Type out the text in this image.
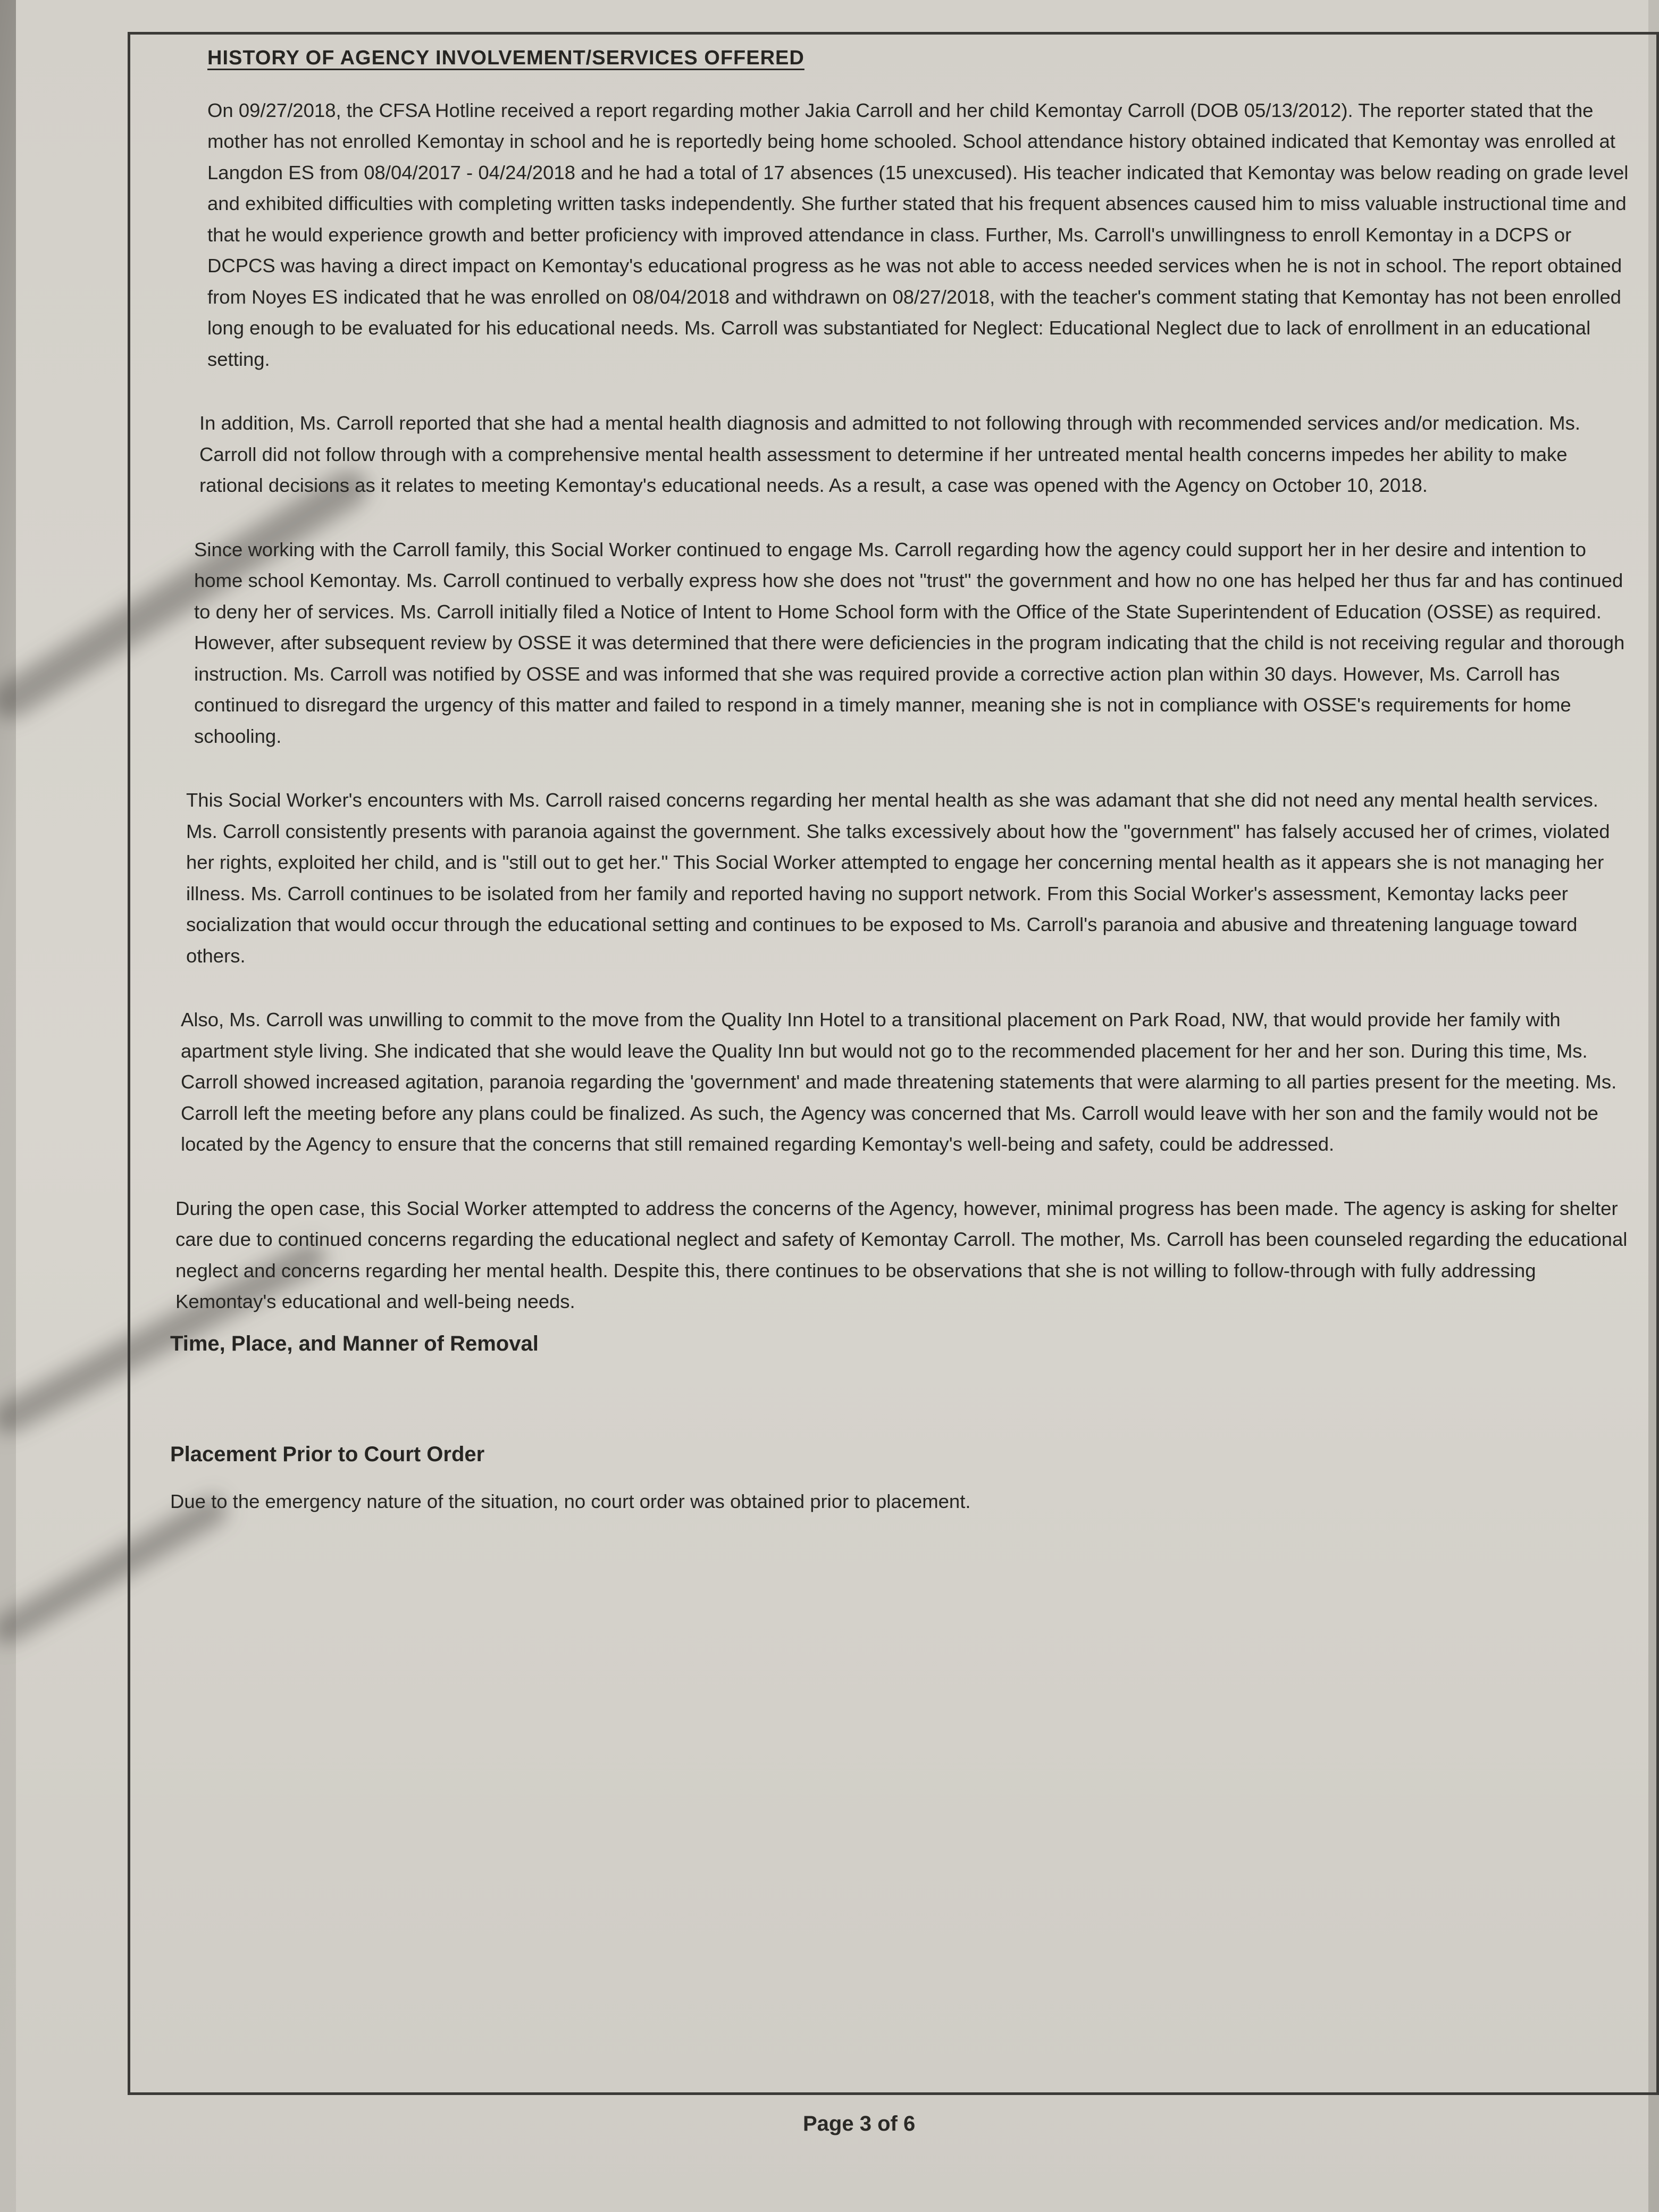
HISTORY OF AGENCY INVOLVEMENT/SERVICES OFFERED

On 09/27/2018, the CFSA Hotline received a report regarding mother Jakia Carroll and her child Kemontay Carroll (DOB 05/13/2012). The reporter stated that the mother has not enrolled Kemontay in school and he is reportedly being home schooled. School attendance history obtained indicated that Kemontay was enrolled at Langdon ES from 08/04/2017 - 04/24/2018 and he had a total of 17 absences (15 unexcused). His teacher indicated that Kemontay was below reading on grade level and exhibited difficulties with completing written tasks independently. She further stated that his frequent absences caused him to miss valuable instructional time and that he would experience growth and better proficiency with improved attendance in class. Further, Ms. Carroll's unwillingness to enroll Kemontay in a DCPS or DCPCS was having a direct impact on Kemontay's educational progress as he was not able to access needed services when he is not in school. The report obtained from Noyes ES indicated that he was enrolled on 08/04/2018 and withdrawn on 08/27/2018, with the teacher's comment stating that Kemontay has not been enrolled long enough to be evaluated for his educational needs. Ms. Carroll was substantiated for Neglect: Educational Neglect due to lack of enrollment in an educational setting.

In addition, Ms. Carroll reported that she had a mental health diagnosis and admitted to not following through with recommended services and/or medication. Ms. Carroll did not follow through with a comprehensive mental health assessment to determine if her untreated mental health concerns impedes her ability to make rational decisions as it relates to meeting Kemontay's educational needs. As a result, a case was opened with the Agency on October 10, 2018.

Since working with the Carroll family, this Social Worker continued to engage Ms. Carroll regarding how the agency could support her in her desire and intention to home school Kemontay. Ms. Carroll continued to verbally express how she does not "trust" the government and how no one has helped her thus far and has continued to deny her of services. Ms. Carroll initially filed a Notice of Intent to Home School form with the Office of the State Superintendent of Education (OSSE) as required. However, after subsequent review by OSSE it was determined that there were deficiencies in the program indicating that the child is not receiving regular and thorough instruction. Ms. Carroll was notified by OSSE and was informed that she was required provide a corrective action plan within 30 days. However, Ms. Carroll has continued to disregard the urgency of this matter and failed to respond in a timely manner, meaning she is not in compliance with OSSE's requirements for home schooling.

This Social Worker's encounters with Ms. Carroll raised concerns regarding her mental health as she was adamant that she did not need any mental health services. Ms. Carroll consistently presents with paranoia against the government. She talks excessively about how the "government" has falsely accused her of crimes, violated her rights, exploited her child, and is "still out to get her." This Social Worker attempted to engage her concerning mental health as it appears she is not managing her illness. Ms. Carroll continues to be isolated from her family and reported having no support network. From this Social Worker's assessment, Kemontay lacks peer socialization that would occur through the educational setting and continues to be exposed to Ms. Carroll's paranoia and abusive and threatening language toward others.

Also, Ms. Carroll was unwilling to commit to the move from the Quality Inn Hotel to a transitional placement on Park Road, NW, that would provide her family with apartment style living. She indicated that she would leave the Quality Inn but would not go to the recommended placement for her and her son. During this time, Ms. Carroll showed increased agitation, paranoia regarding the 'government' and made threatening statements that were alarming to all parties present for the meeting. Ms. Carroll left the meeting before any plans could be finalized. As such, the Agency was concerned that Ms. Carroll would leave with her son and the family would not be located by the Agency to ensure that the concerns that still remained regarding Kemontay's well-being and safety, could be addressed.

During the open case, this Social Worker attempted to address the concerns of the Agency, however, minimal progress has been made. The agency is asking for shelter care due to continued concerns regarding the educational neglect and safety of Kemontay Carroll. The mother, Ms. Carroll has been counseled regarding the educational neglect and concerns regarding her mental health. Despite this, there continues to be observations that she is not willing to follow-through with fully addressing Kemontay's educational and well-being needs.

Time, Place, and Manner of Removal
Placement Prior to Court Order
Due to the emergency nature of the situation, no court order was obtained prior to placement.
Page 3 of 6
